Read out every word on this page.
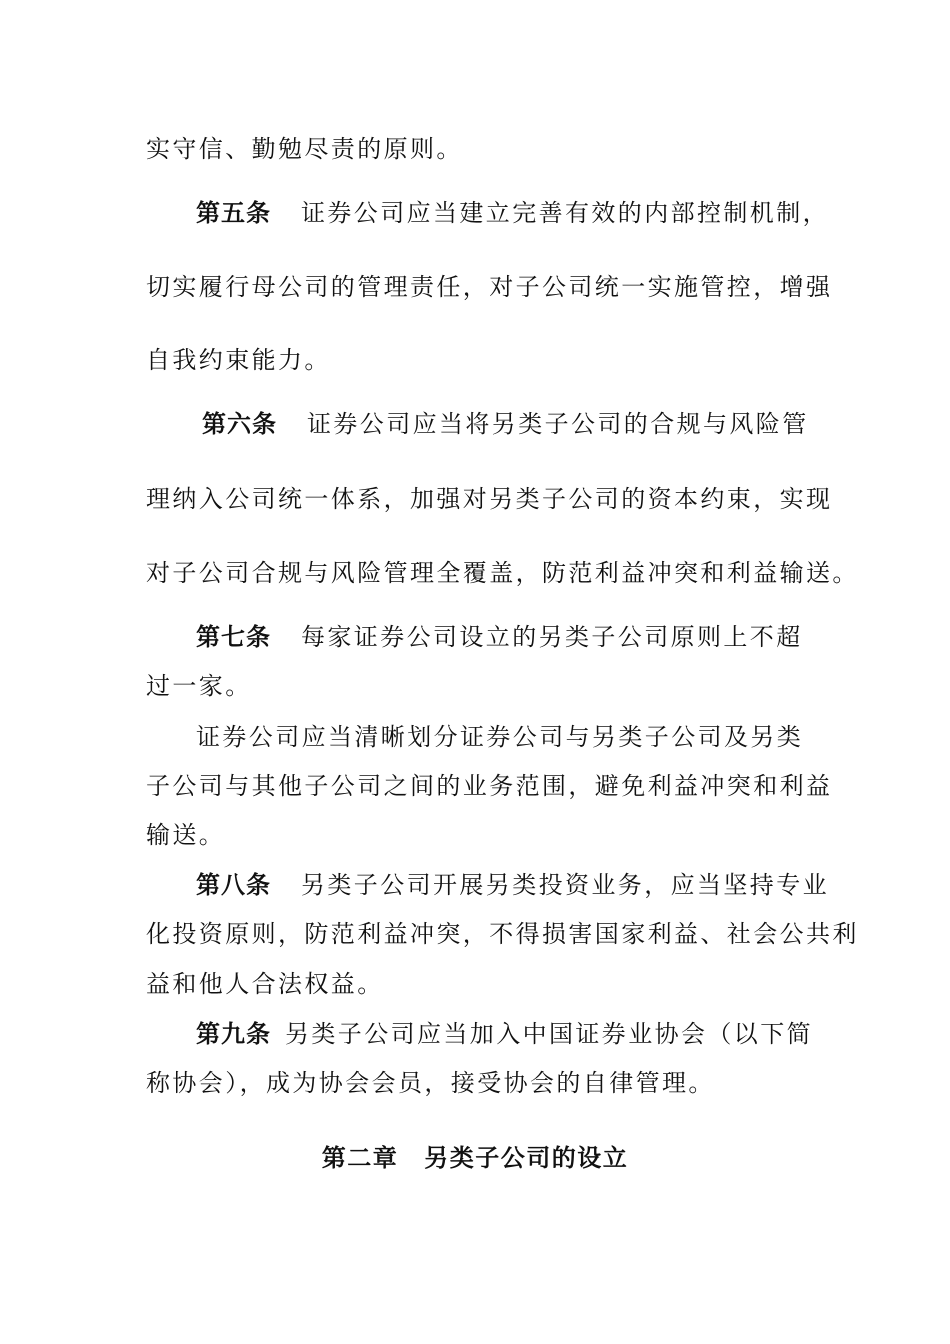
实守信、勤勉尽责的原则。
第五条 证券公司应当建立完善有效的内部控制机制，
切实履行母公司的管理责任，对子公司统一实施管控，增强
自我约束能力。
第六条 证券公司应当将另类子公司的合规与风险管
理纳入公司统一体系，加强对另类子公司的资本约束，实现
对子公司合规与风险管理全覆盖，防范利益冲突和利益输送。
第七条 每家证券公司设立的另类子公司原则上不超
过一家。
证券公司应当清晰划分证券公司与另类子公司及另类
子公司与其他子公司之间的业务范围，避免利益冲突和利益
输送。
第八条 另类子公司开展另类投资业务，应当坚持专业
化投资原则，防范利益冲突，不得损害国家利益、社会公共利
益和他人合法权益。
第九条 另类子公司应当加入中国证券业协会（以下简
称协会），成为协会会员，接受协会的自律管理。
第二章 另类子公司的设立
